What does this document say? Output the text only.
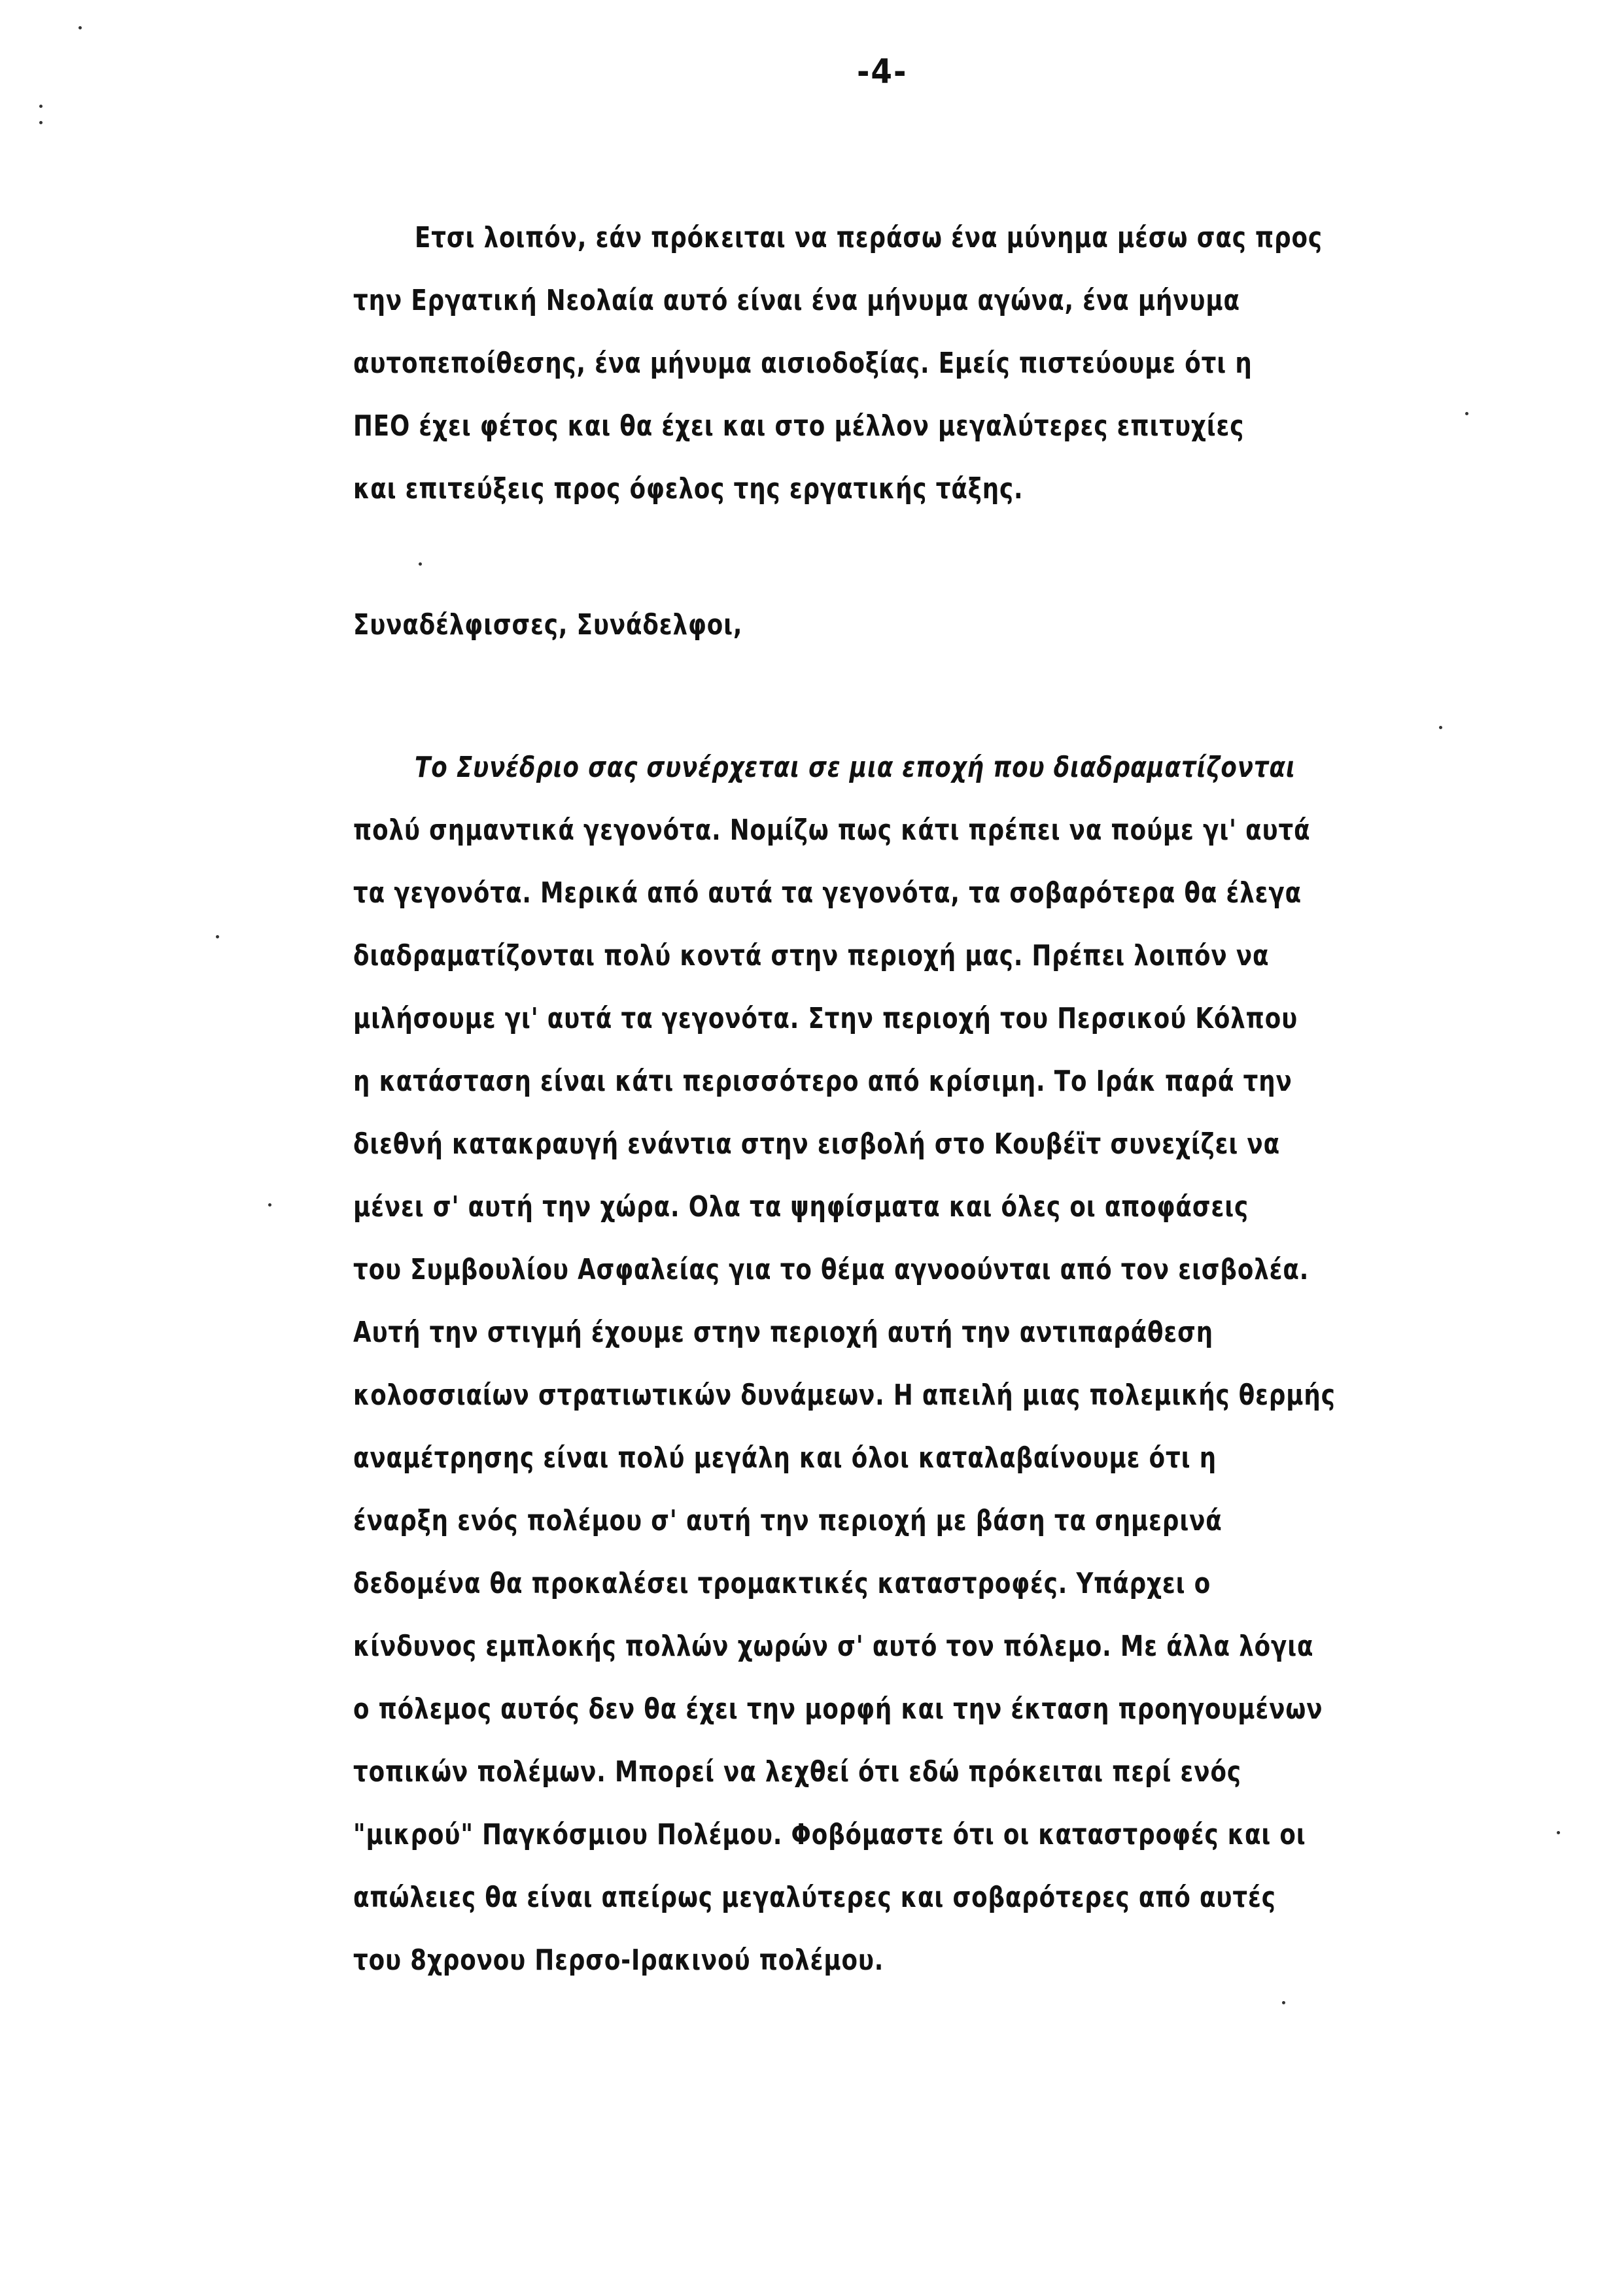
-4-
Ετσι λοιπόν, εάν πρόκειται να περάσω ένα μύνημα μέσω σας προς
την Εργατική Νεολαία αυτό είναι ένα μήνυμα αγώνα, ένα μήνυμα
αυτοπεποίθεσης, ένα μήνυμα αισιοδοξίας. Εμείς πιστεύουμε ότι η
ΠΕΟ έχει φέτος και θα έχει και στο μέλλον μεγαλύτερες επιτυχίες
και επιτεύξεις προς όφελος της εργατικής τάξης.
Συναδέλφισσες, Συνάδελφοι,
Το Συνέδριο σας συνέρχεται σε μια εποχή που διαδραματίζονται
πολύ σημαντικά γεγονότα. Νομίζω πως κάτι πρέπει να πούμε γι' αυτά
τα γεγονότα. Μερικά από αυτά τα γεγονότα, τα σοβαρότερα θα έλεγα
διαδραματίζονται πολύ κοντά στην περιοχή μας. Πρέπει λοιπόν να
μιλήσουμε γι' αυτά τα γεγονότα. Στην περιοχή του Περσικού Κόλπου
η κατάσταση είναι κάτι περισσότερο από κρίσιμη. Το Ιράκ παρά την
διεθνή κατακραυγή ενάντια στην εισβολή στο Κουβέϊτ συνεχίζει να
μένει σ' αυτή την χώρα. Ολα τα ψηφίσματα και όλες οι αποφάσεις
του Συμβουλίου Ασφαλείας για το θέμα αγνοούνται από τον εισβολέα.
Αυτή την στιγμή έχουμε στην περιοχή αυτή την αντιπαράθεση
κολοσσιαίων στρατιωτικών δυνάμεων. Η απειλή μιας πολεμικής θερμής
αναμέτρησης είναι πολύ μεγάλη και όλοι καταλαβαίνουμε ότι η
έναρξη ενός πολέμου σ' αυτή την περιοχή με βάση τα σημερινά
δεδομένα θα προκαλέσει τρομακτικές καταστροφές. Υπάρχει ο
κίνδυνος εμπλοκής πολλών χωρών σ' αυτό τον πόλεμο. Με άλλα λόγια
ο πόλεμος αυτός δεν θα έχει την μορφή και την έκταση προηγουμένων
τοπικών πολέμων. Μπορεί να λεχθεί ότι εδώ πρόκειται περί ενός
"μικρού" Παγκόσμιου Πολέμου. Φοβόμαστε ότι οι καταστροφές και οι
απώλειες θα είναι απείρως μεγαλύτερες και σοβαρότερες από αυτές
του 8χρονου Περσο-Ιρακινού πολέμου.
